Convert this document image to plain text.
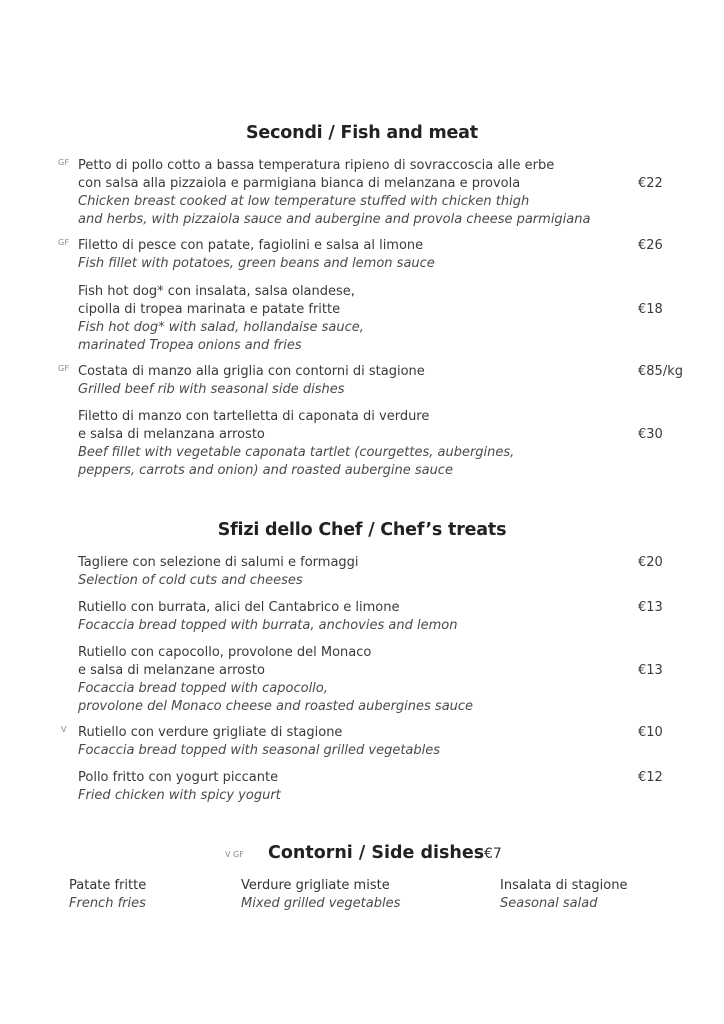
Secondi / Fish and meat
GF Petto di pollo cotto a bassa temperatura ripieno di sovraccoscia alle erbe
con salsa alla pizzaiola e parmigiana bianca di melanzana e provola
Chicken breast cooked at low temperature stuffed with chicken thigh
and herbs, with pizzaiola sauce and aubergine and provola cheese parmigiana
€22
GF Filetto di pesce con patate, fagiolini e salsa al limone
Fish fillet with potatoes, green beans and lemon sauce
€26
Fish hot dog* con insalata, salsa olandese,
cipolla di tropea marinata e patate fritte
Fish hot dog* with salad, hollandaise sauce,
marinated Tropea onions and fries
€18
GF Costata di manzo alla griglia con contorni di stagione
Grilled beef rib with seasonal side dishes
€85/kg
Filetto di manzo con tartelletta di caponata di verdure
e salsa di melanzana arrosto
Beef fillet with vegetable caponata tartlet (courgettes, aubergines,
peppers, carrots and onion) and roasted aubergine sauce
€30
Sfizi dello Chef / Chef’s treats
Tagliere con selezione di salumi e formaggi
Selection of cold cuts and cheeses
€20
Rutiello con burrata, alici del Cantabrico e limone
Focaccia bread topped with burrata, anchovies and lemon
€13
Rutiello con capocollo, provolone del Monaco
e salsa di melanzane arrosto
Focaccia bread topped with capocollo,
provolone del Monaco cheese and roasted aubergines sauce
€13
V Rutiello con verdure grigliate di stagione
Focaccia bread topped with seasonal grilled vegetables
€10
Pollo fritto con yogurt piccante
Fried chicken with spicy yogurt
€12
V GF Contorni / Side dishes €7
Patate fritte
French fries
Verdure grigliate miste
Mixed grilled vegetables
Insalata di stagione
Seasonal salad
